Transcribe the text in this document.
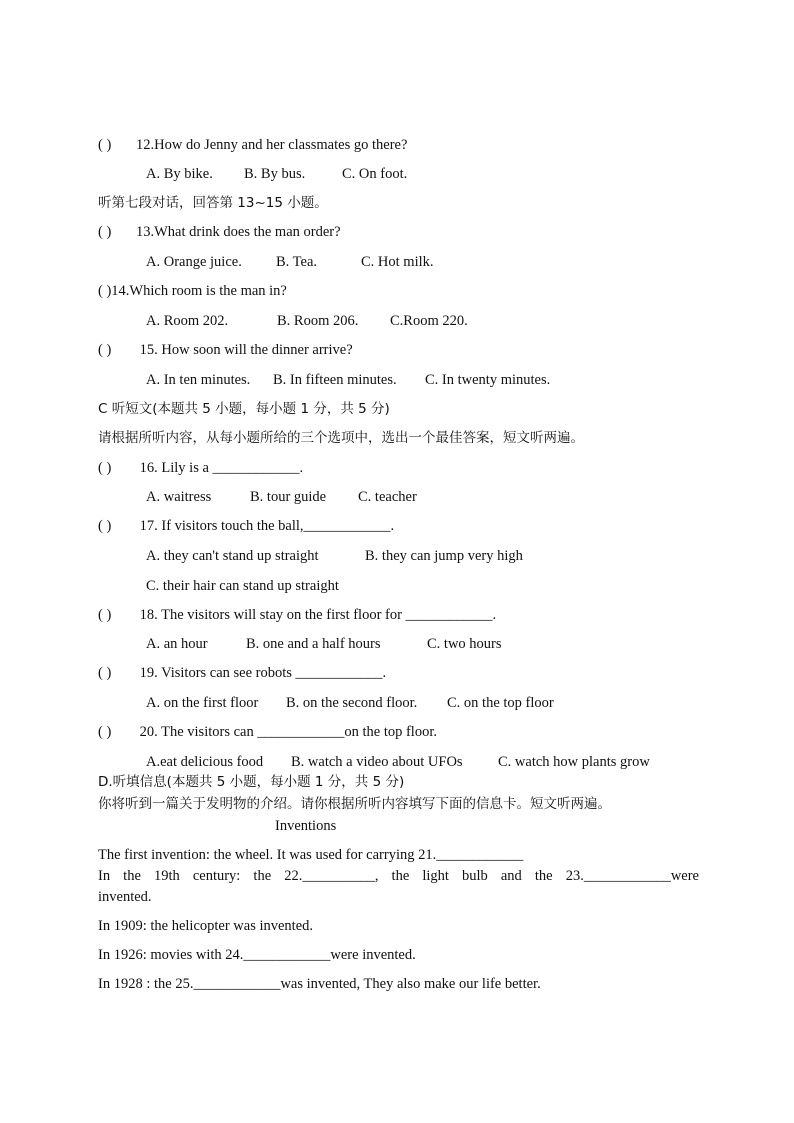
( ) 12.How do Jenny and her classmates go there?
A. By bike. B. By bus.	C. On foot.
听第七段对话，回答第 13~15 小题。
( ) 13.What drink does the man order?
A. Orange juice. B. Tea.	C. Hot milk.
( )14.Which room is the man in?
A. Room 202.	B. Room 206. C.Room 220.
( ) 15. How soon will the dinner arrive?
A. In ten minutes. B. In fifteen minutes. C. In twenty minutes.
C 听短文(本题共 5 小题，每小题 1 分，共 5 分)
请根据所听内容，从每小题所给的三个选项中，选出一个最佳答案，短文听两遍。
( ) 16. Lily is a ____________.
A. waitress	B. tour guide C. teacher
( ) 17. If visitors touch the ball,____________.
A. they can't stand up straight	B. they can jump very high
C. their hair can stand up straight
( ) 18. The visitors will stay on the first floor for ____________.
A. an hour	B. one and a half hours	C. two hours
( ) 19. Visitors can see robots ____________.
A. on the first floor B. on the second floor. C. on the top floor
( ) 20. The visitors can ____________on the top floor.
A.eat delicious food B. watch a video about UFOs C. watch how plants grow
D.听填信息(本题共 5 小题，每小题 1 分，共 5 分)
你将听到一篇关于发明物的介绍。请你根据所听内容填写下面的信息卡。短文听两遍。
Inventions
The first invention: the wheel. It was used for carrying 21.____________
In the 19th century: the 22.__________, the light bulb and the 23.____________were
invented.
In 1909: the helicopter was invented.
In 1926: movies with 24.____________were invented.
In 1928 : the 25.____________was invented, They also make our life better.
